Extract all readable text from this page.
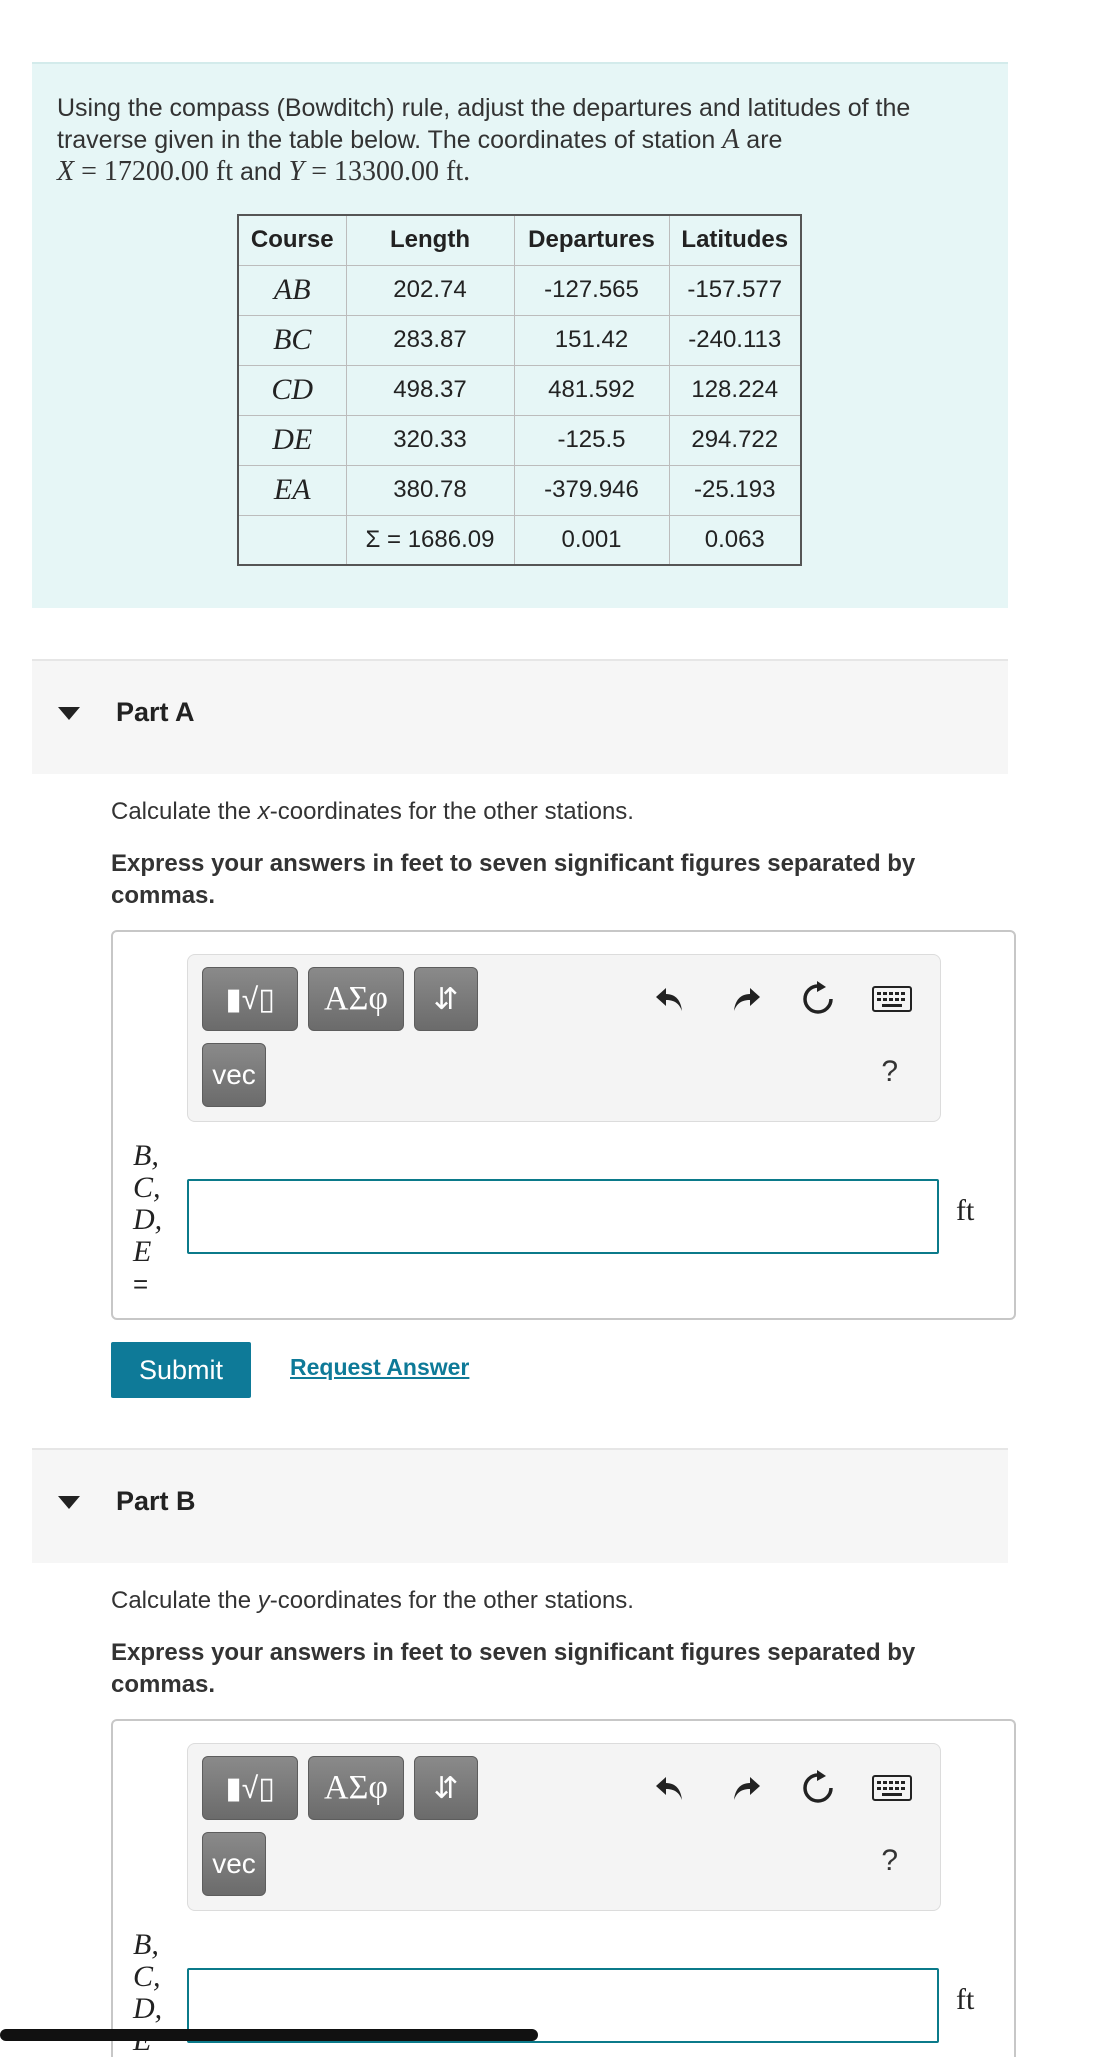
Using the compass (Bowditch) rule, adjust the departures and latitudes of the traverse given in the table below. The coordinates of station A are
X = 17200.00 ft and Y = 13300.00 ft.
Course	Length	Departures	Latitudes
AB	202.74	-127.565	-157.577
BC	283.87	151.42	-240.113
CD	498.37	481.592	128.224
DE	320.33	-125.5	294.722
EA	380.78	-379.946	-25.193
	Σ = 1686.09	0.001	0.063
Part A
Calculate the x-coordinates for the other stations.
Express your answers in feet to seven significant figures separated by commas.
▮√▯ ΑΣφ ⇵
vec	?
B,
C,
D,
E
=
ft
Submit	Request Answer
Part B
Calculate the y-coordinates for the other stations.
Express your answers in feet to seven significant figures separated by commas.
▮√▯ ΑΣφ ⇵
vec	?
B,
C,
D,	ft
